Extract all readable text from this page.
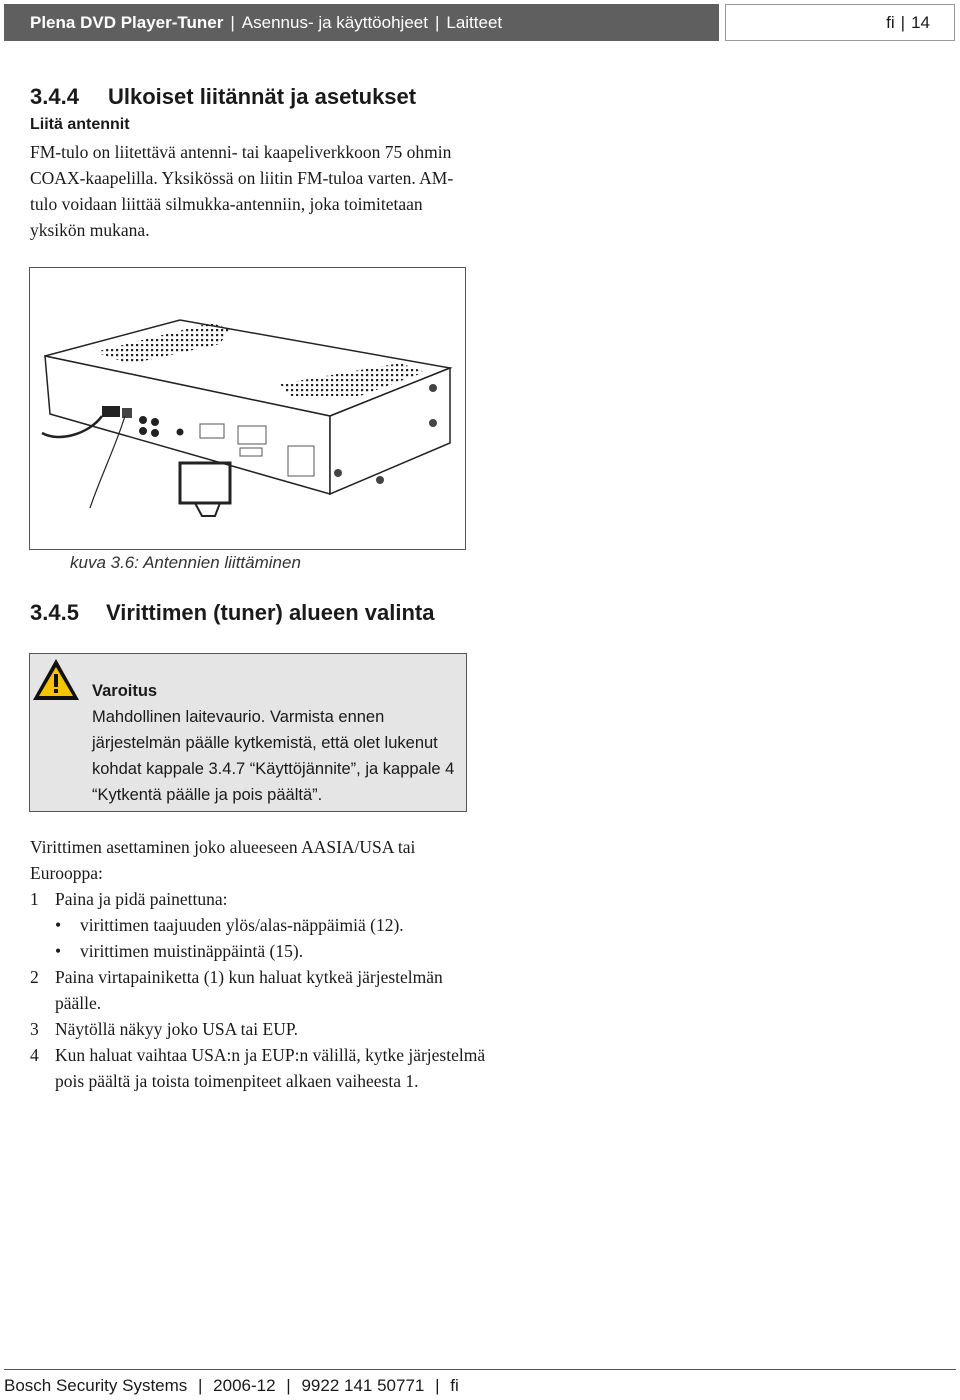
Plena DVD Player-Tuner | Asennus- ja käyttöohjeet | Laitteet	fi | 14
3.4.4 Ulkoiset liitännät ja asetukset
Liitä antennit
FM-tulo on liitettävä antenni- tai kaapeliverkkoon 75 ohmin COAX-kaapelilla. Yksikössä on liitin FM-tuloa varten. AM-tulo voidaan liittää silmukka-antenniin, joka toimitetaan yksikön mukana.
kuva 3.6: Antennien liittäminen
3.4.5 Virittimen (tuner) alueen valinta
Varoitus
Mahdollinen laitevaurio. Varmista ennen järjestelmän päälle kytkemistä, että olet lukenut kohdat kappale 3.4.7 “Käyttöjännite”, ja kappale 4 “Kytkentä päälle ja pois päältä”.
Virittimen asettaminen joko alueeseen AASIA/USA tai Eurooppa:
1 Paina ja pidä painettuna:
•	virittimen taajuuden ylös/alas-näppäimiä (12).
•	virittimen muistinäppäintä (15).
2 Paina virtapainiketta (1) kun haluat kytkeä järjestelmän päälle.
3 Näytöllä näkyy joko USA tai EUP.
4 Kun haluat vaihtaa USA:n ja EUP:n välillä, kytke järjestelmä pois päältä ja toista toimenpiteet alkaen vaiheesta 1.
Bosch Security Systems | 2006-12 | 9922 141 50771 | fi
